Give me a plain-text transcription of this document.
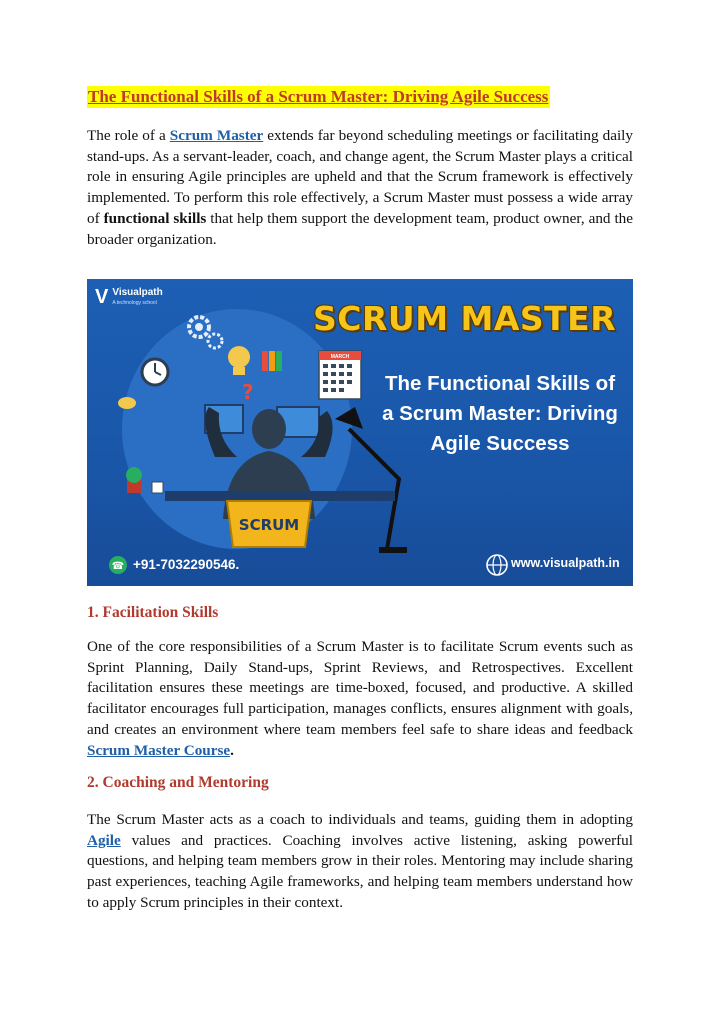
The Functional Skills of a Scrum Master: Driving Agile Success

The role of a Scrum Master extends far beyond scheduling meetings or facilitating daily stand-ups. As a servant-leader, coach, and change agent, the Scrum Master plays a critical role in ensuring Agile principles are upheld and that the Scrum framework is effectively implemented. To perform this role effectively, a Scrum Master must possess a wide array of functional skills that help them support the development team, product owner, and the broader organization.

MARCH
?
SCRUM
☎
V Visualpath
A technology school	SCRUM MASTER
The Functional Skills of
a Scrum Master: Driving
Agile Success
+91-7032290546.	www.visualpath.in
1. Facilitation Skills

One of the core responsibilities of a Scrum Master is to facilitate Scrum events such as Sprint Planning, Daily Stand-ups, Sprint Reviews, and Retrospectives. Excellent facilitation ensures these meetings are time-boxed, focused, and productive. A skilled facilitator encourages full participation, manages conflicts, ensures alignment with goals, and creates an environment where team members feel safe to share ideas and feedback Scrum Master Course.

2. Coaching and Mentoring

The Scrum Master acts as a coach to individuals and teams, guiding them in adopting Agile values and practices. Coaching involves active listening, asking powerful questions, and helping team members grow in their roles. Mentoring may include sharing past experiences, teaching Agile frameworks, and helping team members understand how to apply Scrum principles in their context.
